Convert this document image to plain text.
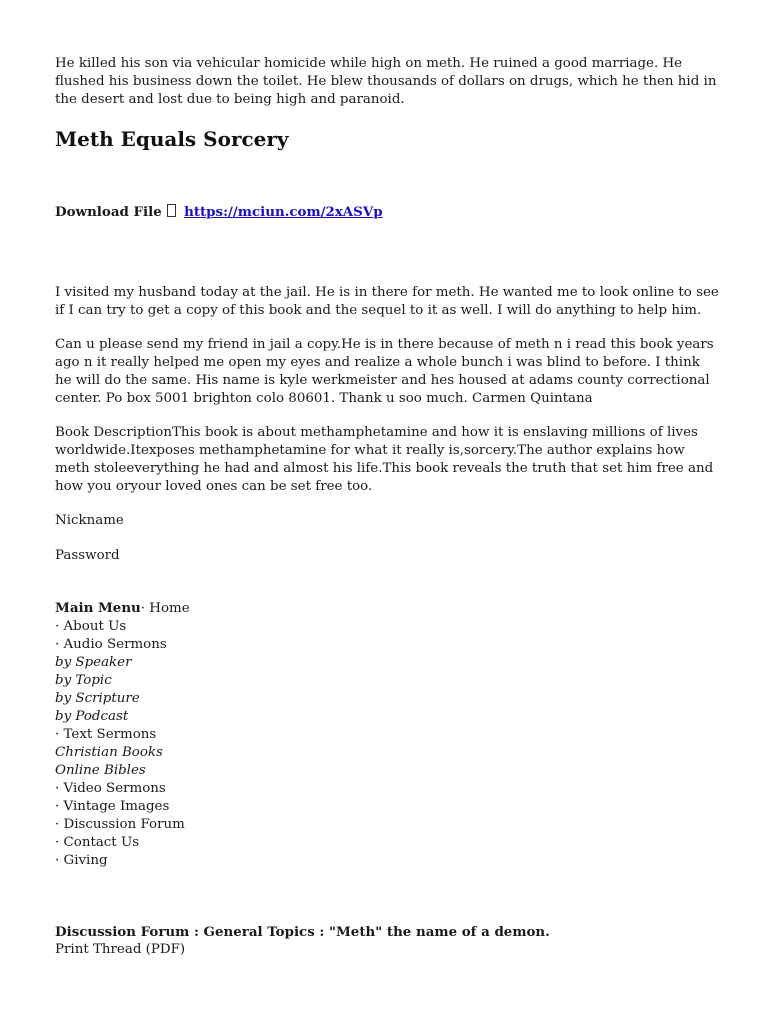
He killed his son via vehicular homicide while high on meth. He ruined a good marriage. He flushed his business down the toilet. He blew thousands of dollars on drugs, which he then hid in the desert and lost due to being high and paranoid.

Meth Equals Sorcery
Download File https://mciun.com/2xASVp

I visited my husband today at the jail. He is in there for meth. He wanted me to look online to see if I can try to get a copy of this book and the sequel to it as well. I will do anything to help him.

Can u please send my friend in jail a copy.He is in there because of meth n i read this book years ago n it really helped me open my eyes and realize a whole bunch i was blind to before. I think he will do the same. His name is kyle werkmeister and hes housed at adams county correctional center. Po box 5001 brighton colo 80601. Thank u soo much. Carmen Quintana

Book DescriptionThis book is about methamphetamine and how it is enslaving millions of lives worldwide.Itexposes methamphetamine for what it really is,sorcery.The author explains how meth stoleeverything he had and almost his life.This book reveals the truth that set him free and how you oryour loved ones can be set free too.

Nickname

Password

Main Menu· Home
· About Us
· Audio Sermons
by Speaker
by Topic
by Scripture
by Podcast
· Text Sermons
Christian Books
Online Bibles
· Video Sermons
· Vintage Images
· Discussion Forum
· Contact Us
· Giving
Discussion Forum : General Topics : "Meth" the name of a demon.
Print Thread (PDF)
